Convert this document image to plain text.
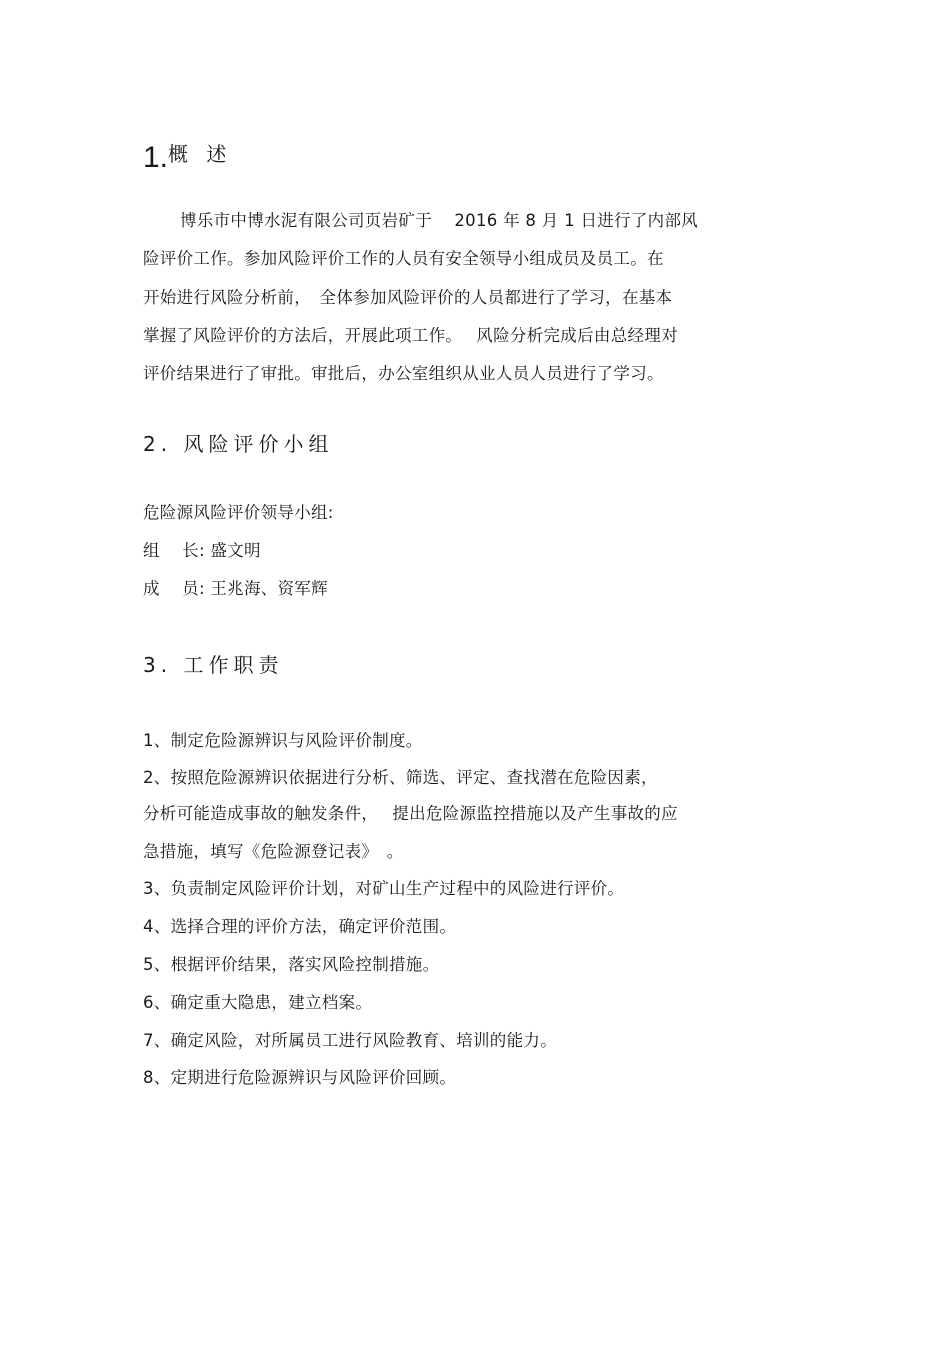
1.概 述
博乐市中博水泥有限公司页岩矿于　 2016 年 8 月 1 日进行了内部风
险评价工作。参加风险评价工作的人员有安全领导小组成员及员工。在
开始进行风险分析前，　全体参加风险评价的人员都进行了学习，在基本
掌握了风险评价的方法后，开展此项工作。　 风险分析完成后由总经理对
评价结果进行了审批。审批后，办公室组织从业人员人员进行了学习。
2. 风险评价小组
危险源风险评价领导小组:
组　 长: 盛文明
成　 员: 王兆海、资军辉
3. 工作职责
1、制定危险源辨识与风险评价制度。
2、按照危险源辨识依据进行分析、筛选、评定、查找潜在危险因素，
分析可能造成事故的触发条件，　 提出危险源监控措施以及产生事故的应
急措施，填写《危险源登记表》　。
3、负责制定风险评价计划，对矿山生产过程中的风险进行评价。
4、选择合理的评价方法，确定评价范围。
5、根据评价结果，落实风险控制措施。
6、确定重大隐患，建立档案。
7、确定风险，对所属员工进行风险教育、培训的能力。
8、定期进行危险源辨识与风险评价回顾。
